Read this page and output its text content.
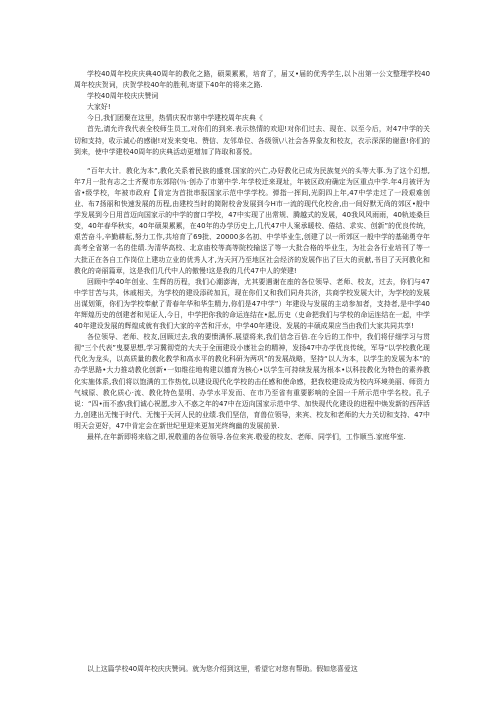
学校40周年校庆庆典40周年的教化之路，硕果累累，培育了，届又•届的优秀学生,以卜出第一公文整理学校40周年校庆贺词，庆贺学校40年的胜利,寄望下40年的将来之路.

学校40周年校庆庆赞词

大家好!

今日,我们团聚在这里，热情庆祝市第中学建校周年庆典《

首先,请允许我代表全校师生员工,对你们的到来.表示热情的欢迎!对你们过去、现在、以至今后，对47中学的关切和支持，收示诚心的感谢!对发来变电、赞信、友邻单位、各级领\八社会各界象友和校友，衣示深深的谢意!你们的到来，使中学建校40周年的庆典活动更增加了阵取和喜悦。

“百年大计．教化为本”,教化关系着民族的盛衰.国家的兴亡,办好教化已成为民族复兴的头等大事.为了这个幻想,年7月一批有志之士齐聚市东郊陪(％·创办了市第中学.年学校迁来现址，年被区政府确定为区重点中学.年4月被评为省•级学校，年被市政府【肯定为首批串报国家示范中学学校。弹指一挥间,光阴四上年,47中学走过了一段艰难创业、布7扬丽和快速发展的历程,由建校当时的简附校舍发展到今H市一流的现代化校舍,由一间好默无尚的郊区•般中学发展到今日用首迈向国家示的中学的窗口学校，47中实现了出常规、腾越式的发展，40我风风雨雨，40轨迹桑巨变，40年春华秋实，40年硕果累累，在40年的办学历史上,几代47中人案承暖校、倦结、求实、创新”的优良传统，艰苦奋斗,辛勤耕耘,努力工作,共培育了69批、20000多名初、中学毕业生,创建了以一所郊区一般中学的基础勇夺年高考全省第一名的佳绩.为清华高校、北京庙校等高等院校输送了等一大批合格的毕业生，为社会各行业培刊了等一大批正在各自工作岗位上建功立业的优秀人才,为天河乃至地区社会经济的发展作出了巨大的贡献,书目了天河教化和教化的奇丽篇章，这是我们几代中人的傲慢!这是我的几代47中人的荣建!

回顾中学40年创业、生辉的历程，我们心潮澎海，尤其要遇谢在座的各位领导、老师、校友，过去，你们与47中学甘苦与共，休戚相关，为学校的建设添砖加瓦，现在你们又和我们同舟共济，共商学校发展大计，为学校的发展出谋划策，你们为学校奉献了青春年华和华生精力,你们是47中学”）年建设与发展的主动参加者，支持者,是中学40年辉煌历史的创建者和见证人,今日，中学把你我的命运连结在•起,历史（史命把我们与学校的命运连结在一起，中学40年建设发展的辉煌成就有我们大家的辛苦和汗水，中学40年建设、发展的丰硕成果应当由我们大家共同共享!

各位领导、老师、校友,回顾过去,我的要愦满怀.展望将来,我们信念百倍.在今后的工作中，我们将仔细学习与贯彻“三个代表”曳要思想,学习冀彻党的大夫于全面建设小康社会的精神，发扬47中办学优良传统，军导“以学校教化现代化为龙头，以高质量的教化教学和高水平的教化科研为两巩”的发展战略，坚持“以人为本，以学生的发展为本”的办学思路•大力推动教化创新•一如维往地构建以德育为核心•以学生可持续发展为根本•以科技教化为特色的素养教化实施体系,我们将以饱满的工作热忱,以建设现代化学校的击任感和使命感，把我校建设成为校内环境美丽、师资力气城原、教化质心·流、教化特色显明、办学水平发而、在市乃至省有重要影响的全国一千所示范中学名校。孔子说：“四•而不惑\我们诚心祝愿,步入不惑之年的47中在迈向国家示范中学、加快现代化建设的进程中焕发新的西萍活力,创建出无愧于时代、无愧于天河人民的业绩.我们坚信，育兽位领导，来宾、校友和老师的大力关切和支持、47中明天会更好，47中肯定会在新世纪里迎来更加光终绚幽的发展前景.

最样,在年新即将来临之即,祝敬重的各位领导.各位来宾.敬爱的校友、老师、同学们，工作顺当.家庭华室.

以上这篇学校40周年校庆庆赞词。就为您介绍到这里，希望它对您有帮助。假如您喜爱这
